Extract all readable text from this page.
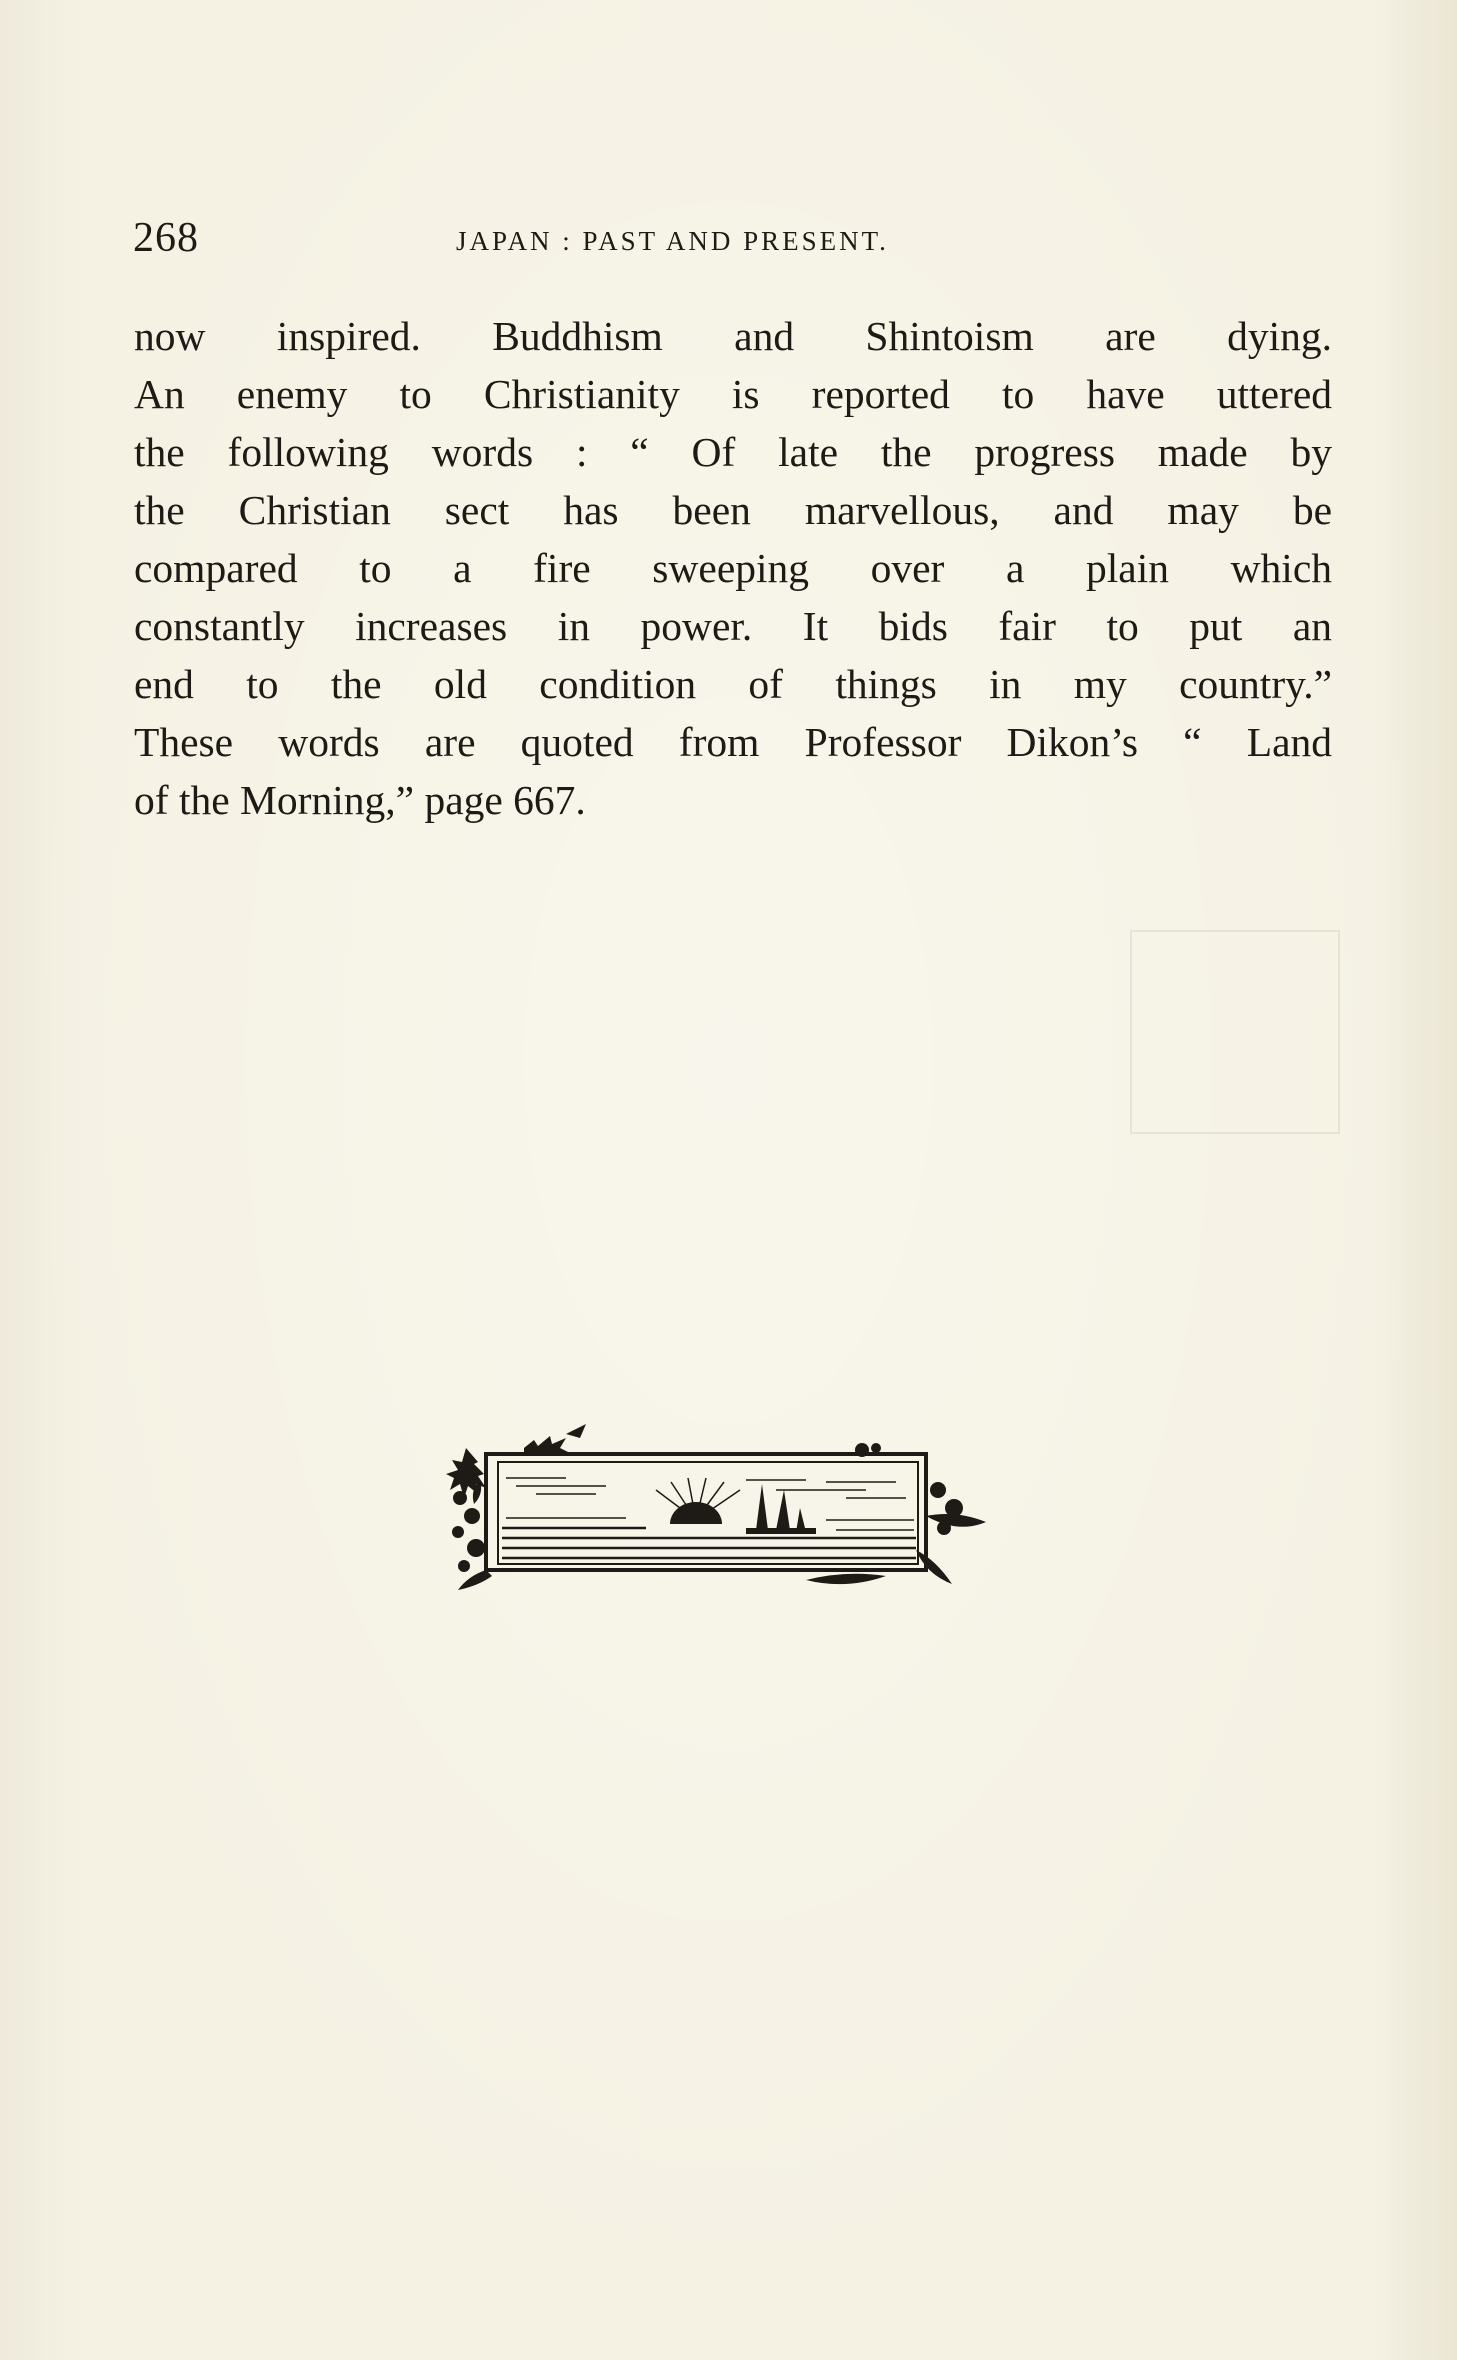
268	JAPAN : PAST AND PRESENT.
now inspired. Buddhism and Shintoism are dying.
An enemy to Christianity is reported to have uttered
the following words : “ Of late the progress made by
the Christian sect has been marvellous, and may be
compared to a fire sweeping over a plain which
constantly increases in power. It bids fair to put an
end to the old condition of things in my country.”
These words are quoted from Professor Dikon’s “ Land
of the Morning,” page 667.
